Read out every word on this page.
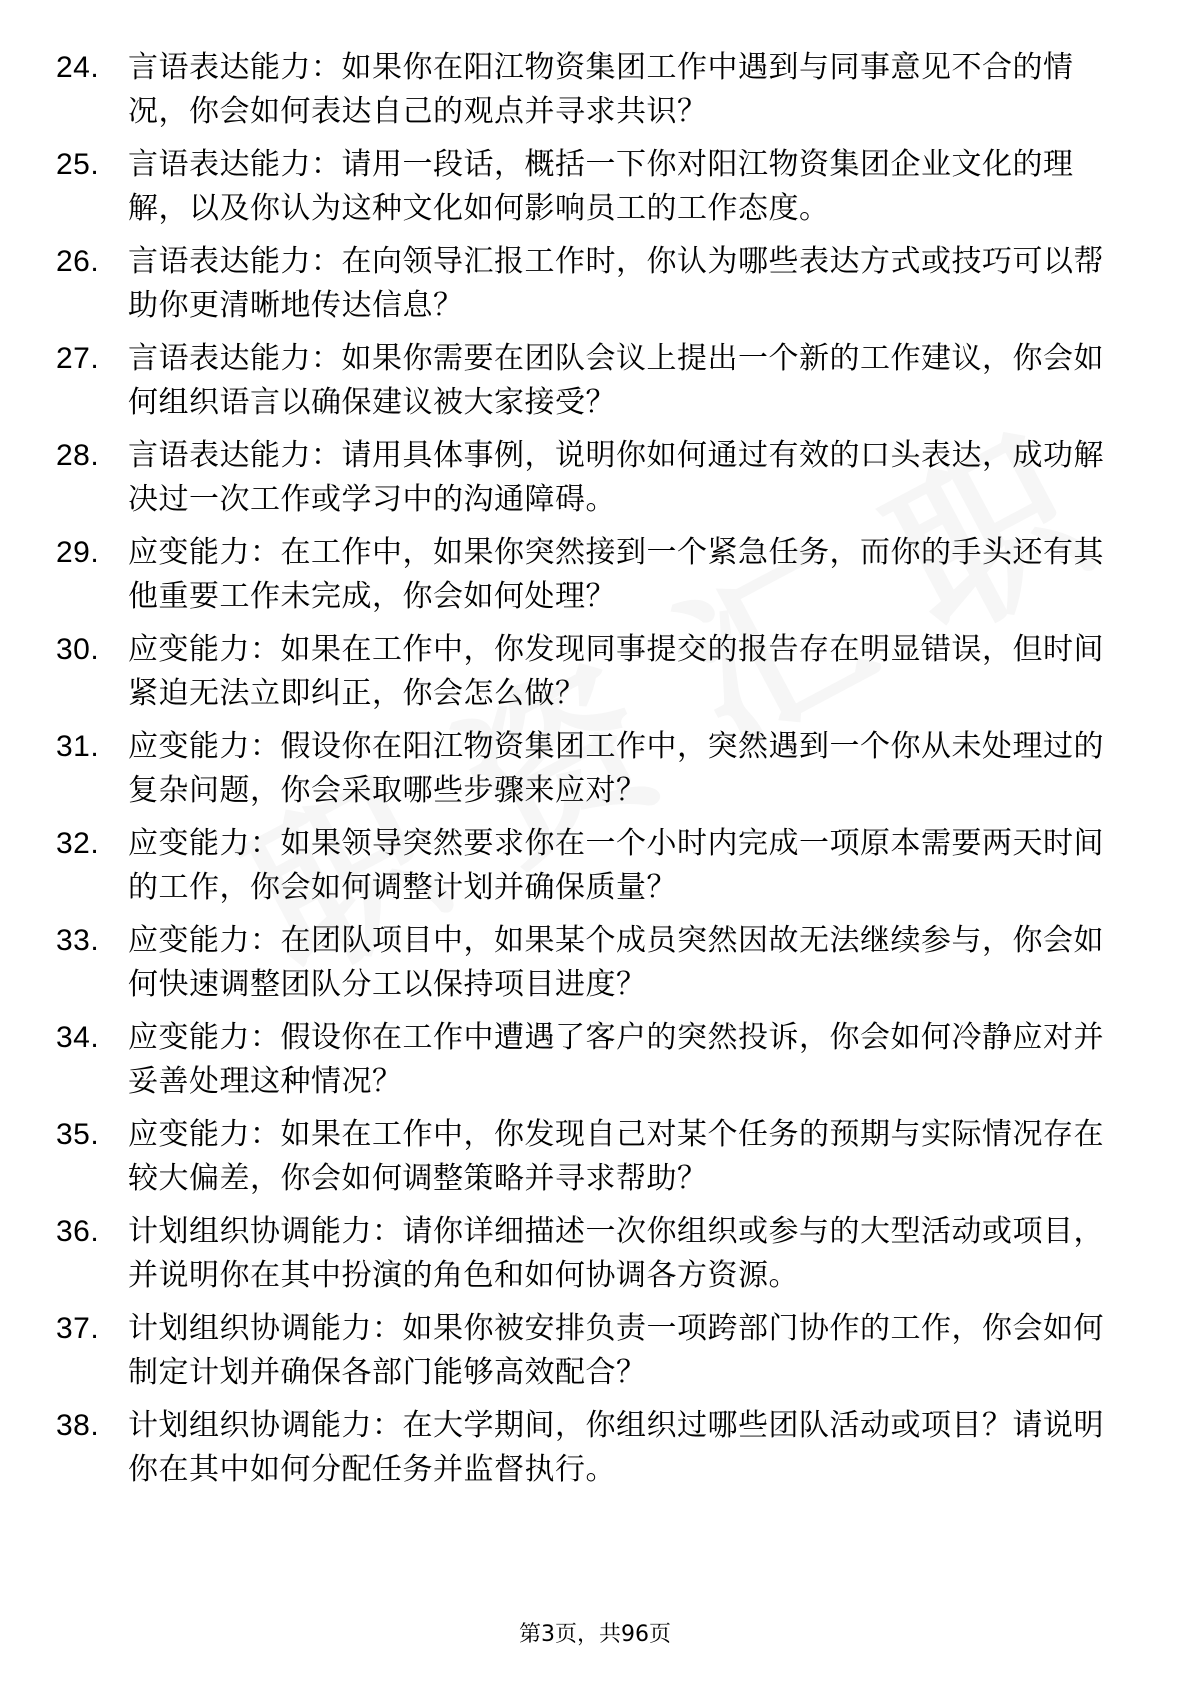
24. 言语表达能力：如果你在阳江物资集团工作中遇到与同事意见不合的情况，你会如何表达自己的观点并寻求共识？
25. 言语表达能力：请用一段话，概括一下你对阳江物资集团企业文化的理解，以及你认为这种文化如何影响员工的工作态度。
26. 言语表达能力：在向领导汇报工作时，你认为哪些表达方式或技巧可以帮助你更清晰地传达信息？
27. 言语表达能力：如果你需要在团队会议上提出一个新的工作建议，你会如何组织语言以确保建议被大家接受？
28. 言语表达能力：请用具体事例，说明你如何通过有效的口头表达，成功解决过一次工作或学习中的沟通障碍。
29. 应变能力：在工作中，如果你突然接到一个紧急任务，而你的手头还有其他重要工作未完成，你会如何处理？
30. 应变能力：如果在工作中，你发现同事提交的报告存在明显错误，但时间紧迫无法立即纠正，你会怎么做？
31. 应变能力：假设你在阳江物资集团工作中，突然遇到一个你从未处理过的复杂问题，你会采取哪些步骤来应对？
32. 应变能力：如果领导突然要求你在一个小时内完成一项原本需要两天时间的工作，你会如何调整计划并确保质量？
33. 应变能力：在团队项目中，如果某个成员突然因故无法继续参与，你会如何快速调整团队分工以保持项目进度？
34. 应变能力：假设你在工作中遭遇了客户的突然投诉，你会如何冷静应对并妥善处理这种情况？
35. 应变能力：如果在工作中，你发现自己对某个任务的预期与实际情况存在较大偏差，你会如何调整策略并寻求帮助？
36. 计划组织协调能力：请你详细描述一次你组织或参与的大型活动或项目，并说明你在其中扮演的角色和如何协调各方资源。
37. 计划组织协调能力：如果你被安排负责一项跨部门协作的工作，你会如何制定计划并确保各部门能够高效配合？
38. 计划组织协调能力：在大学期间，你组织过哪些团队活动或项目？请说明你在其中如何分配任务并监督执行。
第3页，共96页
